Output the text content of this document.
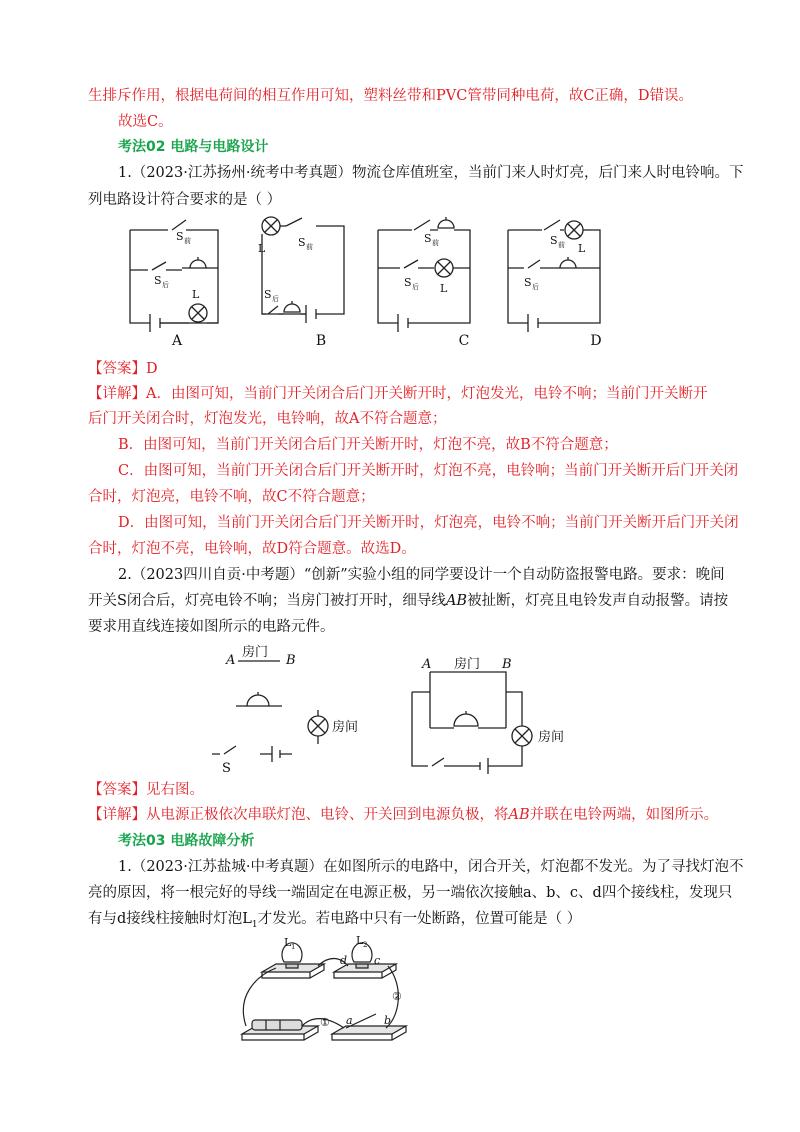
生排斥作用，根据电荷间的相互作用可知，塑料丝带和PVC管带同种电荷，故C正确，D错误。
故选C。
考法02 电路与电路设计
1.（2023·江苏扬州·统考中考真题）物流仓库值班室，当前门来人时灯亮，后门来人时电铃响。下
列电路设计符合要求的是（ ）
S 前
S 后
L
L	S 前
S 后
S 前
S 后 L
S 前 L
S 后
A	B	C	D
【答案】D
【详解】A．由图可知，当前门开关闭合后门开关断开时，灯泡发光，电铃不响；当前门开关断开
后门开关闭合时，灯泡发光，电铃响，故A不符合题意；
B．由图可知，当前门开关闭合后门开关断开时，灯泡不亮，故B不符合题意；
C．由图可知，当前门开关闭合后门开关断开时，灯泡不亮，电铃响；当前门开关断开后门开关闭
合时，灯泡亮，电铃不响，故C不符合题意；
D．由图可知，当前门开关闭合后门开关断开时，灯泡亮，电铃不响；当前门开关断开后门开关闭
合时，灯泡不亮，电铃响，故D符合题意。故选D。
2.（2023四川自贡·中考题）“创新”实验小组的同学要设计一个自动防盗报警电路。要求：晚间
开关S闭合后，灯亮电铃不响；当房门被打开时，细导线AB被扯断，灯亮且电铃发声自动报警。请按
要求用直线连接如图所示的电路元件。
A	B
房门
房间
S
A	B
房门
房间
【答案】见右图。
【详解】从电源正极依次串联灯泡、电铃、开关回到电源负极，将AB并联在电铃两端，如图所示。
考法03 电路故障分析
1.（2023·江苏盐城·中考真题）在如图所示的电路中，闭合开关，灯泡都不发光。为了寻找灯泡不
亮的原因，将一根完好的导线一端固定在电源正极，另一端依次接触a、b、c、d四个接线柱，发现只
有与d接线柱接触时灯泡$L_1$才发光。若电路中只有一处断路，位置可能是（ ）
L 1	L 2
d c
a	b
①
②
